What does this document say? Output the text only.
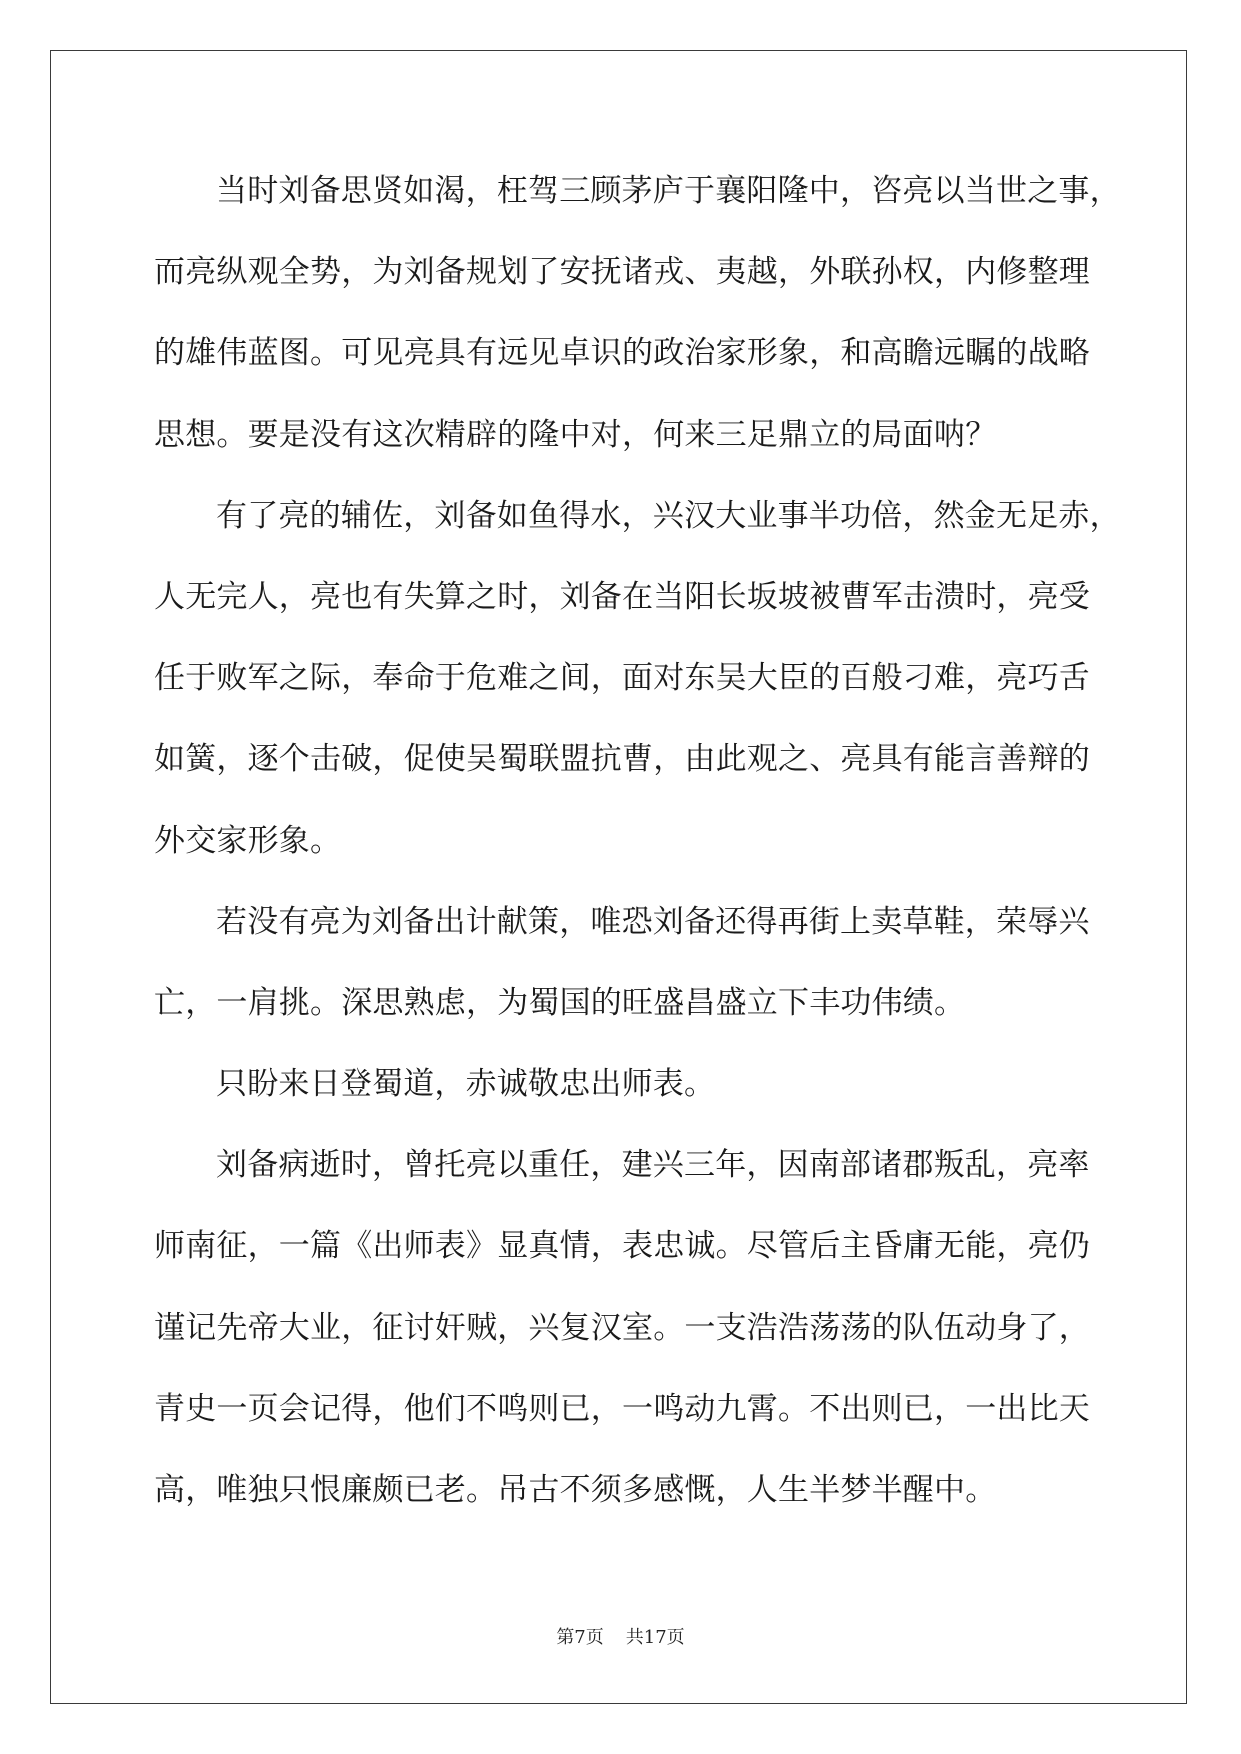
当时刘备思贤如渴，枉驾三顾茅庐于襄阳隆中，咨亮以当世之事，
而亮纵观全势，为刘备规划了安抚诸戎、夷越，外联孙权，内修整理
的雄伟蓝图。可见亮具有远见卓识的政治家形象，和高瞻远瞩的战略
思想。要是没有这次精辟的隆中对，何来三足鼎立的局面呐？
有了亮的辅佐，刘备如鱼得水，兴汉大业事半功倍，然金无足赤，
人无完人，亮也有失算之时，刘备在当阳长坂坡被曹军击溃时，亮受
任于败军之际，奉命于危难之间，面对东吴大臣的百般刁难，亮巧舌
如簧，逐个击破，促使吴蜀联盟抗曹，由此观之、亮具有能言善辩的
外交家形象。
若没有亮为刘备出计献策，唯恐刘备还得再街上卖草鞋，荣辱兴
亡，一肩挑。深思熟虑，为蜀国的旺盛昌盛立下丰功伟绩。
只盼来日登蜀道，赤诚敬忠出师表。
刘备病逝时，曾托亮以重任，建兴三年，因南部诸郡叛乱，亮率
师南征，一篇《出师表》显真情，表忠诚。尽管后主昏庸无能，亮仍
谨记先帝大业，征讨奸贼，兴复汉室。一支浩浩荡荡的队伍动身了，
青史一页会记得，他们不鸣则已，一鸣动九霄。不出则已，一出比天
高，唯独只恨廉颇已老。吊古不须多感慨，人生半梦半醒中。
第7页 共17页
